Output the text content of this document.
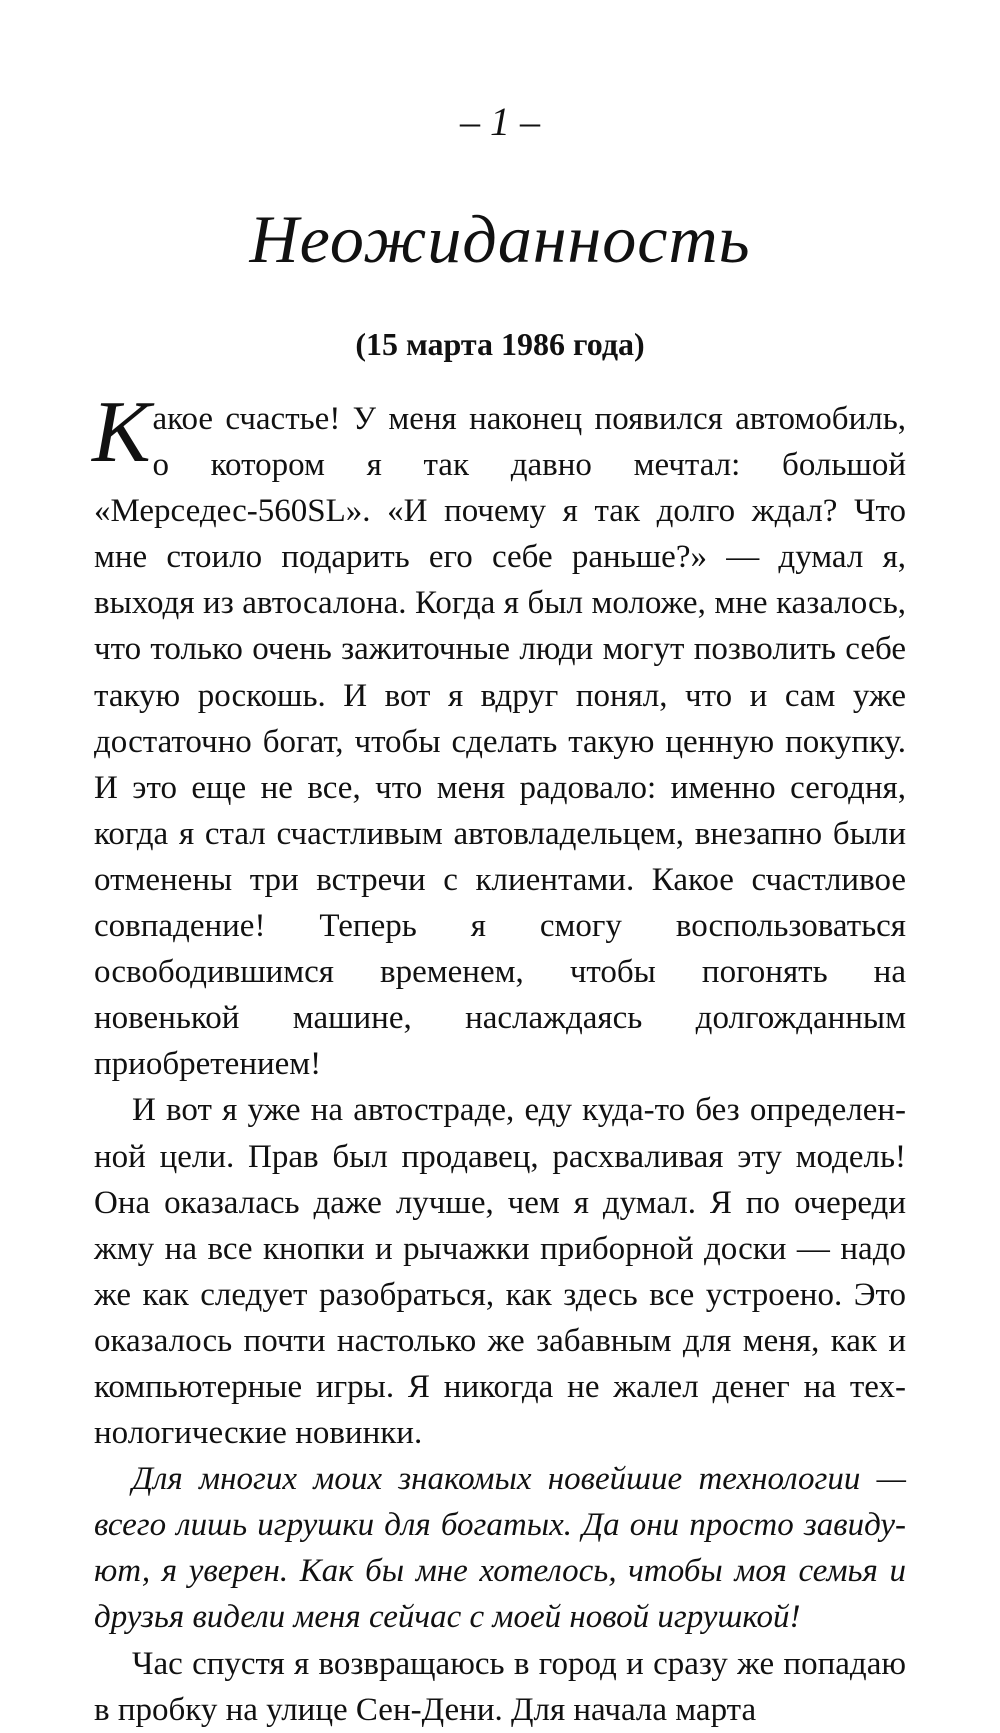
– 1 –
Неожиданность
(15 марта 1986 года)

Какое счастье! У меня наконец появился автомобиль, о котором я так давно мечтал: большой «Мерседес-560SL». «И почему я так долго ждал? Что мне стоило подарить его себе раньше?» — думал я, выходя из автосалона. Когда я был моложе, мне казалось, что только очень зажиточные люди могут позволить себе такую роскошь. И вот я вдруг понял, что и сам уже достаточно богат, чтобы сделать такую ценную покупку. И это еще не все, что меня радовало: именно сегодня, когда я стал счастливым автовладельцем, внезапно были отменены три встречи с клиентами. Какое счастливое совпадение! Теперь я смогу воспользоваться освободившимся временем, чтобы погонять на новенькой машине, наслаждаясь долгожданным приобретением!

И вот я уже на автостраде, еду куда-то без определенной цели. Прав был продавец, расхваливая эту модель! Она оказалась даже лучше, чем я думал. Я по очереди жму на все кнопки и рычажки приборной доски — надо же как следует разобраться, как здесь все устроено. Это оказалось почти настолько же забавным для меня, как и компьютерные игры. Я никогда не жалел денег на технологические новинки.

Для многих моих знакомых новейшие технологии — всего лишь игрушки для богатых. Да они просто завидуют, я уверен. Как бы мне хотелось, чтобы моя семья и друзья видели меня сейчас с моей новой игрушкой!

Час спустя я возвращаюсь в город и сразу же попадаю в пробку на улице Сен-Дени. Для начала марта
